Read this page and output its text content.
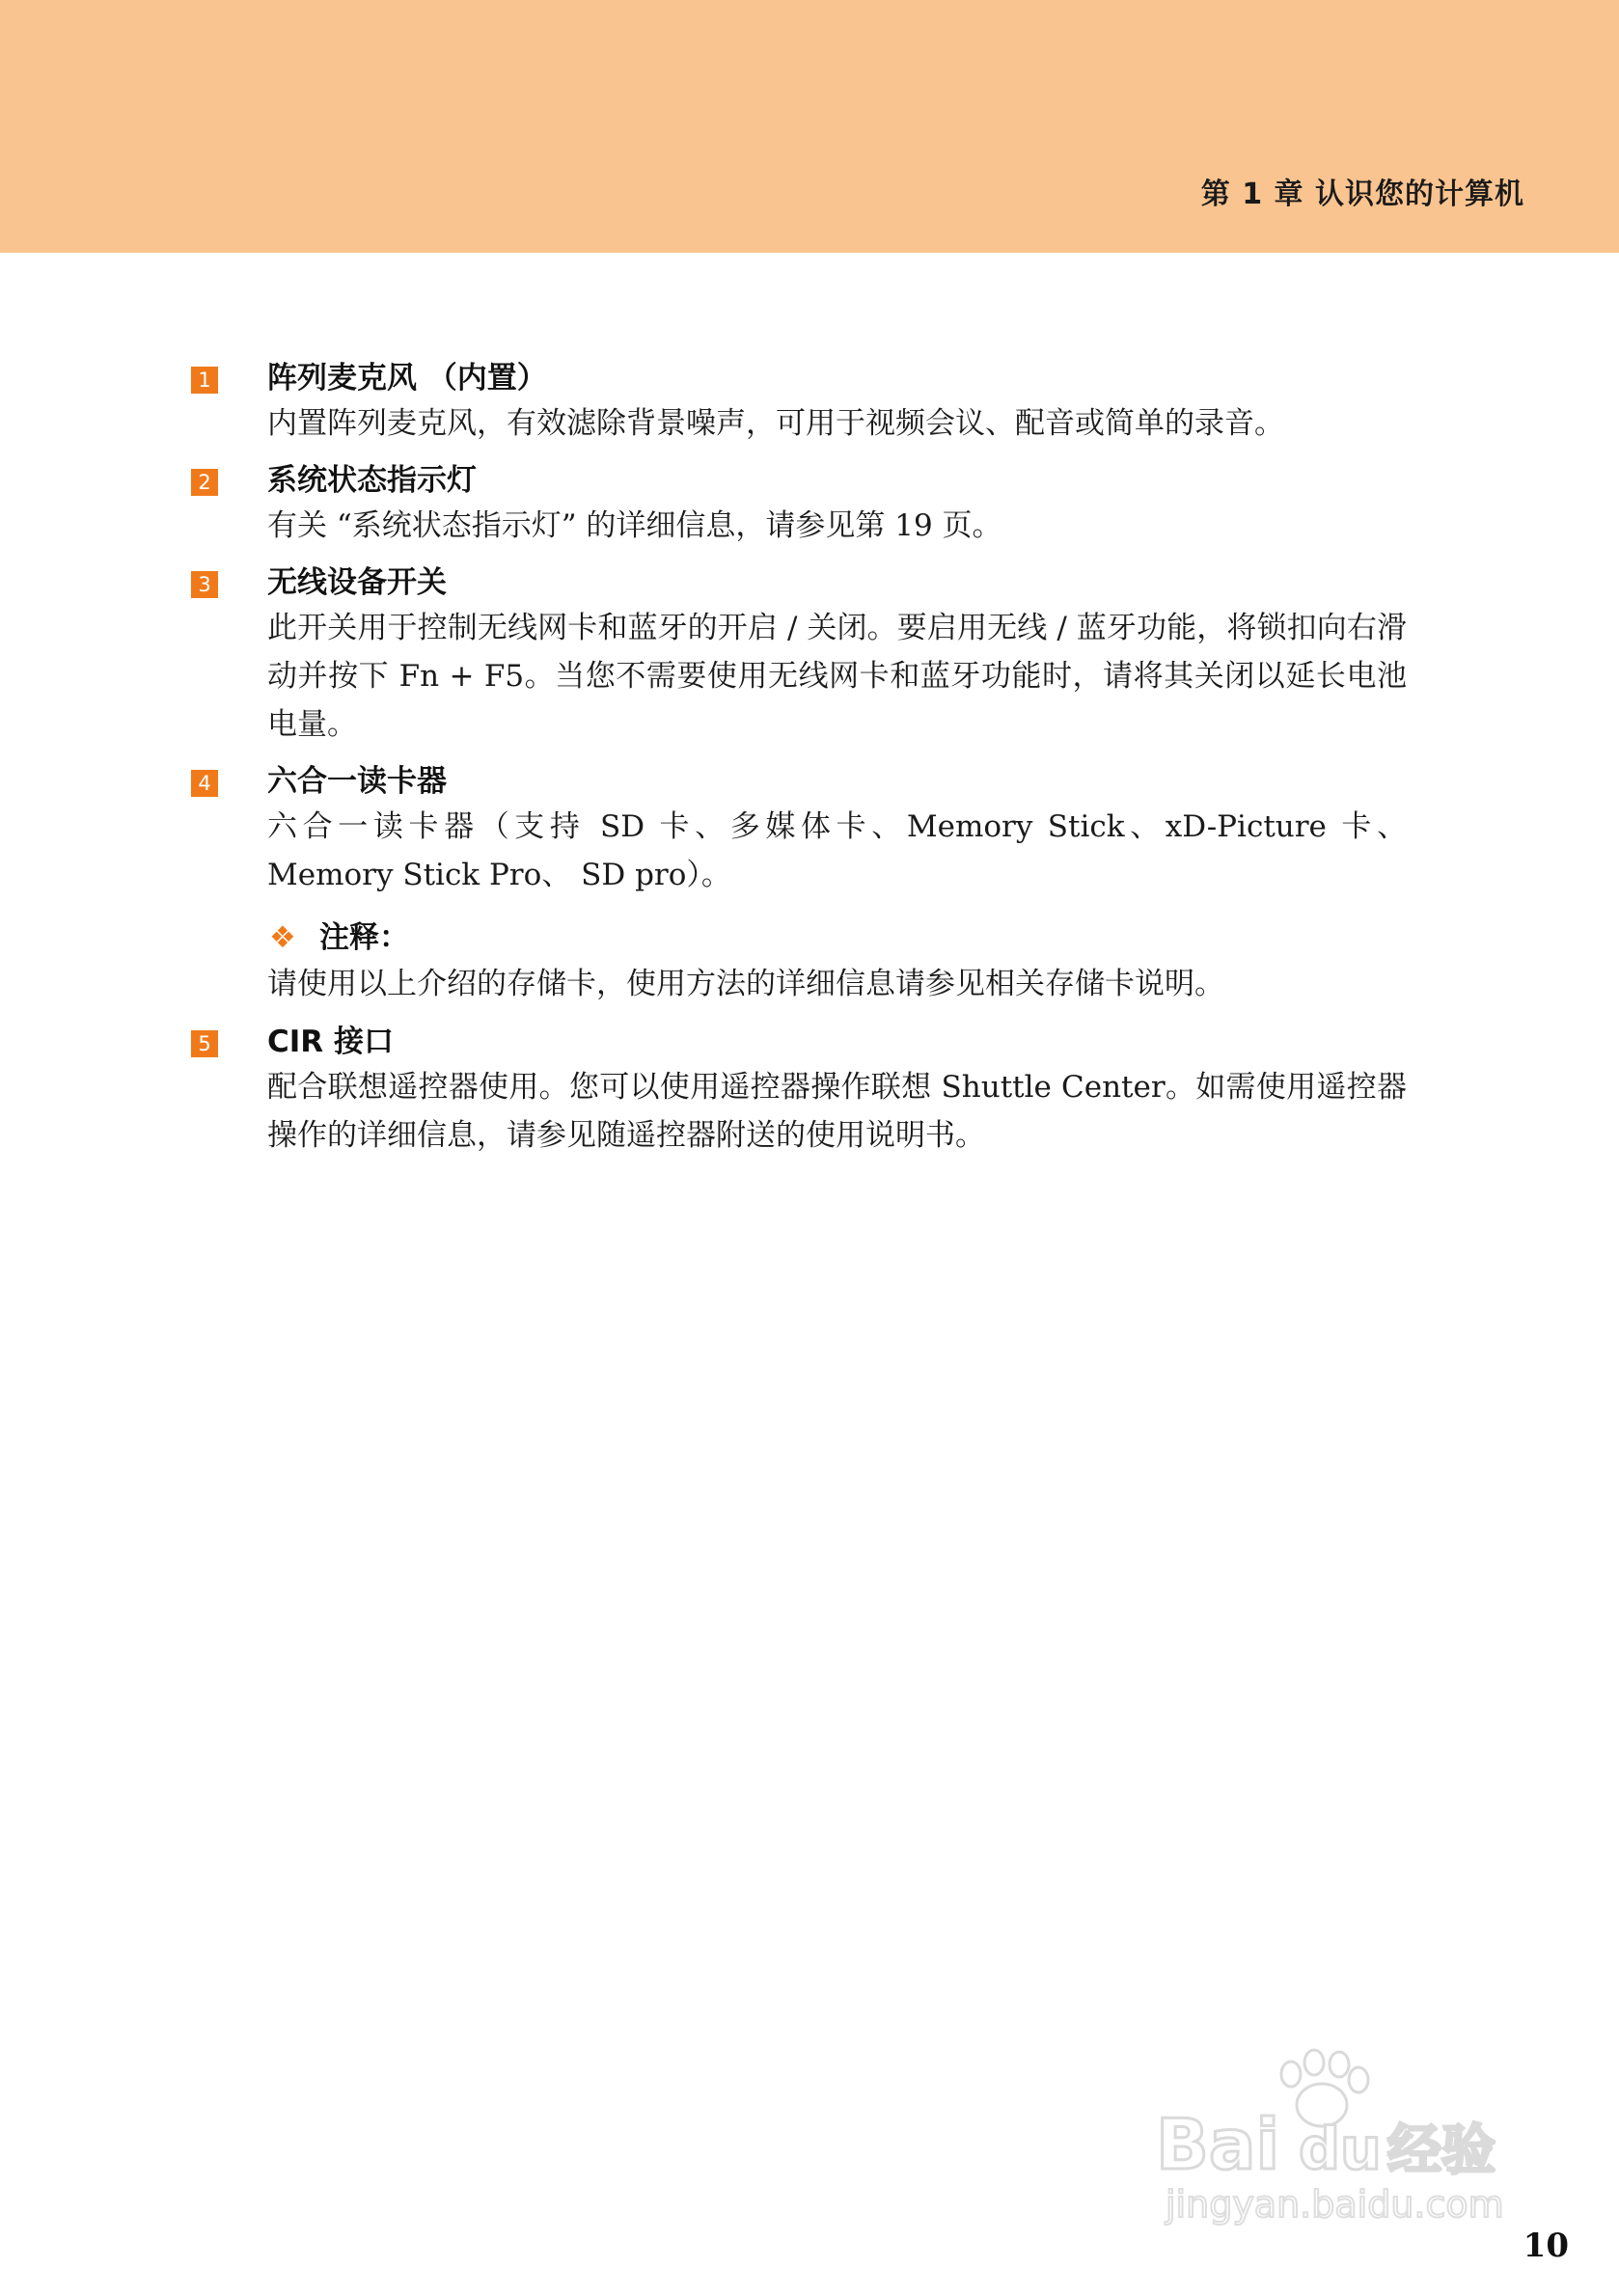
第 1 章 认识您的计算机
1 阵列麦克风 （内置）
内置阵列麦克风，有效滤除背景噪声，可用于视频会议、配音或简单的录音。
2 系统状态指示灯
有关 “系统状态指示灯” 的详细信息，请参见第 19 页。
3 无线设备开关
此开关用于控制无线网卡和蓝牙的开启 / 关闭。要启用无线 / 蓝牙功能，将锁扣向右滑动并按下 Fn + F5。当您不需要使用无线网卡和蓝牙功能时，请将其关闭以延长电池电量。
4 六合一读卡器
六合一读卡器（支持 SD 卡、多媒体卡、Memory Stick、xD-Picture 卡、Memory Stick Pro、 SD pro）。
❖ 注释：
请使用以上介绍的存储卡，使用方法的详细信息请参见相关存储卡说明。
5 CIR 接口
配合联想遥控器使用。您可以使用遥控器操作联想 Shuttle Center。如需使用遥控器操作的详细信息，请参见随遥控器附送的使用说明书。
Bai du 经验
jingyan.baidu.com
10
